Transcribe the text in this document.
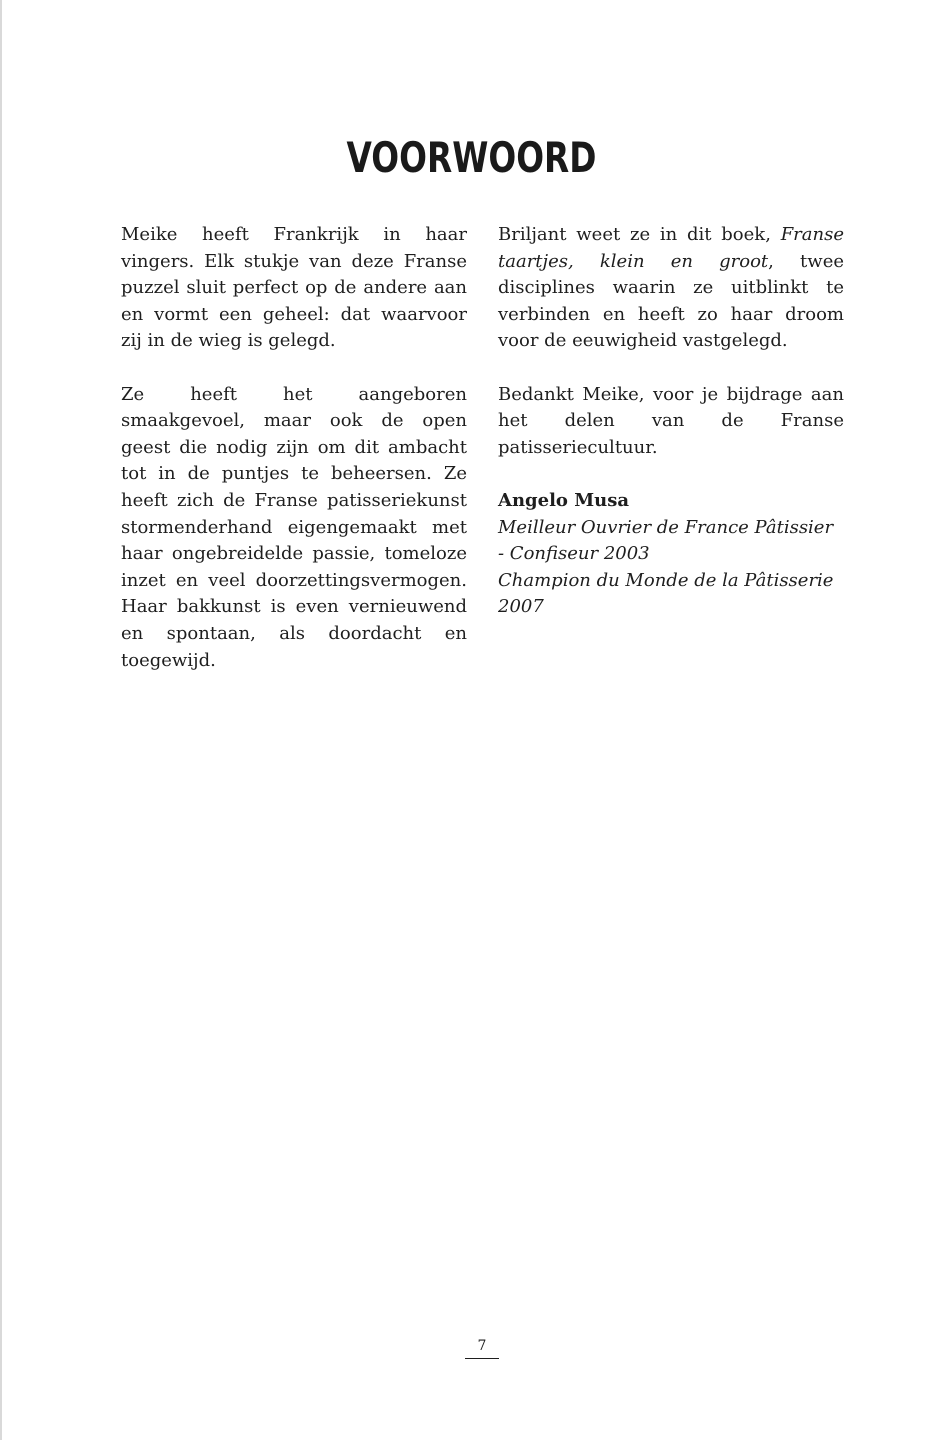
VOORWOORD

Meike heeft Frankrijk in haar vingers. Elk stukje van deze Franse puzzel sluit perfect op de andere aan en vormt een geheel: dat waarvoor zij in de wieg is gelegd.

Ze heeft het aangeboren smaakgevoel, maar ook de open geest die nodig zijn om dit ambacht tot in de puntjes te beheersen. Ze heeft zich de Franse patisseriekunst stormenderhand eigengemaakt met haar ongebreidelde passie, tomeloze inzet en veel doorzettingsvermogen. Haar bakkunst is even vernieuwend en spontaan, als doordacht en toegewijd.

Briljant weet ze in dit boek, Franse taartjes, klein en groot, twee disciplines waarin ze uitblinkt te verbinden en heeft zo haar droom voor de eeuwigheid vastgelegd.

Bedankt Meike, voor je bijdrage aan het delen van de Franse patisseriecultuur.

Angelo Musa

Meilleur Ouvrier de France Pâtissier - Confiseur 2003

Champion du Monde de la Pâtisserie 2007

7
